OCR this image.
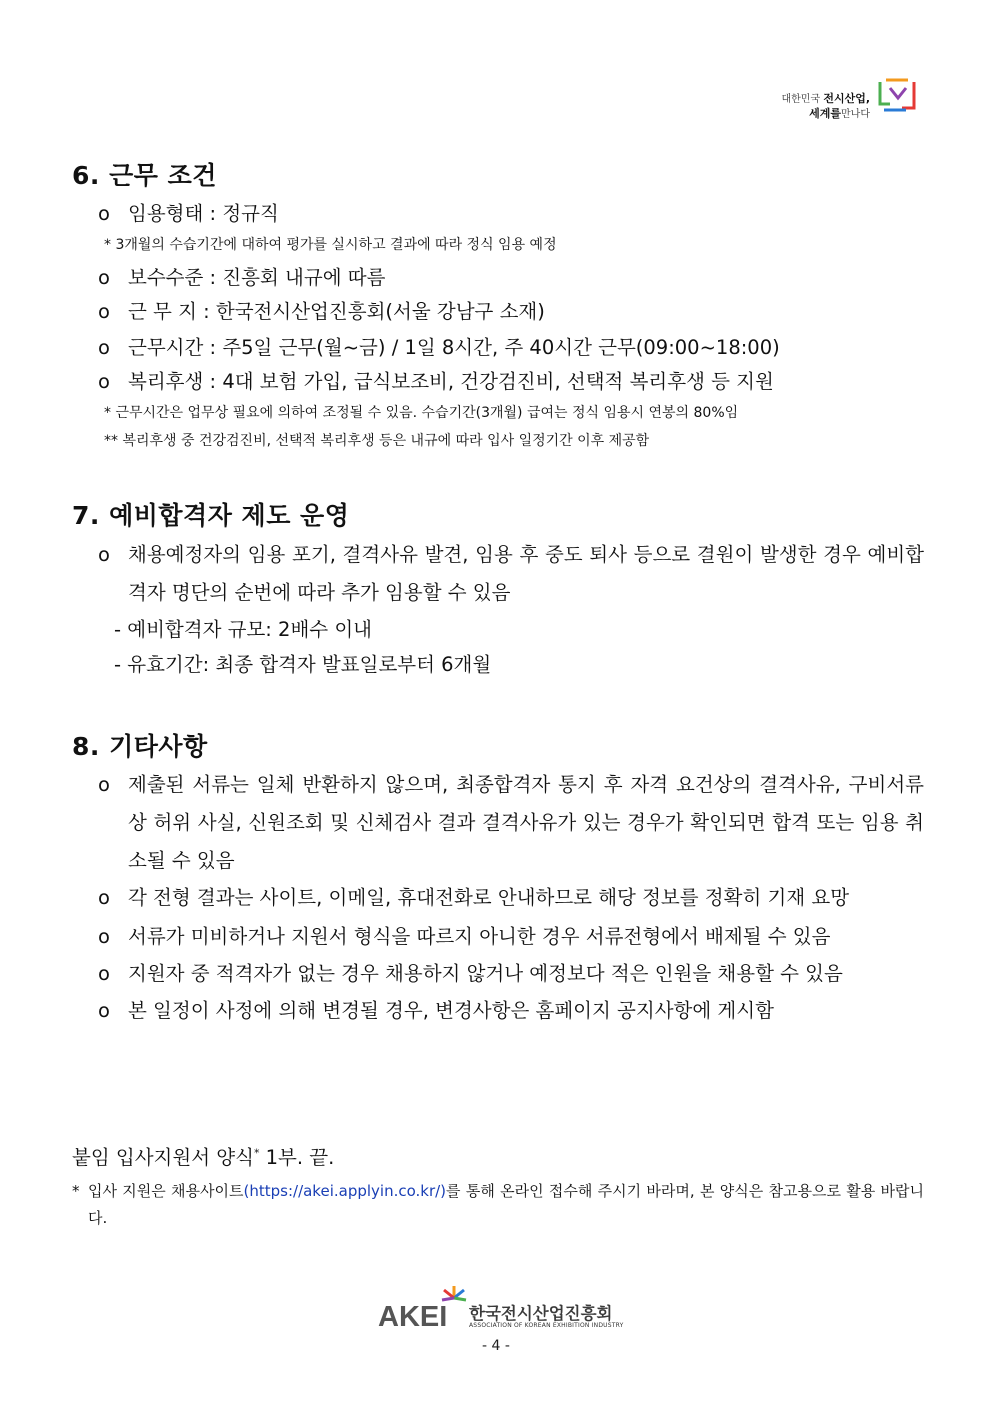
대한민국 전시산업,
세계를만나다
6. 근무 조건
o 임용형태 : 정규직
* 3개월의 수습기간에 대하여 평가를 실시하고 결과에 따라 정식 임용 예정
o 보수수준 : 진흥회 내규에 따름
o 근 무 지 : 한국전시산업진흥회(서울 강남구 소재)
o 근무시간 : 주5일 근무(월~금) / 1일 8시간, 주 40시간 근무(09:00~18:00)
o 복리후생 : 4대 보험 가입, 급식보조비, 건강검진비, 선택적 복리후생 등 지원
* 근무시간은 업무상 필요에 의하여 조정될 수 있음. 수습기간(3개월) 급여는 정식 임용시 연봉의 80%임
** 복리후생 중 건강검진비, 선택적 복리후생 등은 내규에 따라 입사 일정기간 이후 제공함
7. 예비합격자 제도 운영
o 채용예정자의 임용 포기, 결격사유 발견, 임용 후 중도 퇴사 등으로 결원이 발생한 경우 예비합격자 명단의 순번에 따라 추가 임용할 수 있음
- 예비합격자 규모: 2배수 이내
- 유효기간: 최종 합격자 발표일로부터 6개월
8. 기타사항
o 제출된 서류는 일체 반환하지 않으며, 최종합격자 통지 후 자격 요건상의 결격사유, 구비서류상 허위 사실, 신원조회 및 신체검사 결과 결격사유가 있는 경우가 확인되면 합격 또는 임용 취소될 수 있음
o 각 전형 결과는 사이트, 이메일, 휴대전화로 안내하므로 해당 정보를 정확히 기재 요망
o 서류가 미비하거나 지원서 형식을 따르지 아니한 경우 서류전형에서 배제될 수 있음
o 지원자 중 적격자가 없는 경우 채용하지 않거나 예정보다 적은 인원을 채용할 수 있음
o 본 일정이 사정에 의해 변경될 경우, 변경사항은 홈페이지 공지사항에 게시함
붙임 입사지원서 양식* 1부. 끝.
* 입사 지원은 채용사이트(https://akei.applyin.co.kr/)를 통해 온라인 접수해 주시기 바라며, 본 양식은 참고용으로 활용 바랍니다.
AKEI 한국전시산업진흥회
ASSOCIATION OF KOREAN EXHIBITION INDUSTRY
- 4 -
